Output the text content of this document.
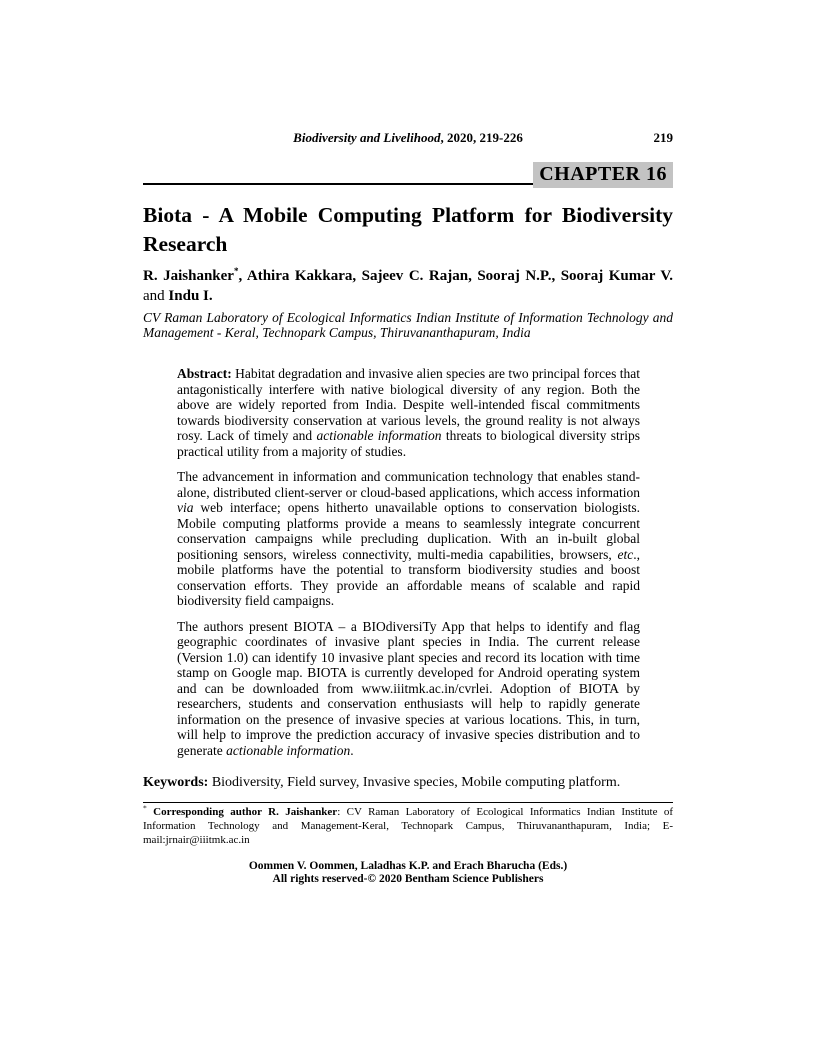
Biodiversity and Livelihood, 2020, 219-226	219
CHAPTER 16
Biota - A Mobile Computing Platform for Biodiversity Research

R. Jaishanker*, Athira Kakkara, Sajeev C. Rajan, Sooraj N.P., Sooraj Kumar V. and Indu I.

CV Raman Laboratory of Ecological Informatics Indian Institute of Information Technology and Management - Keral, Technopark Campus, Thiruvananthapuram, India

Abstract: Habitat degradation and invasive alien species are two principal forces that antagonistically interfere with native biological diversity of any region. Both the above are widely reported from India. Despite well-intended fiscal commitments towards biodiversity conservation at various levels, the ground reality is not always rosy. Lack of timely and actionable information threats to biological diversity strips practical utility from a majority of studies.

The advancement in information and communication technology that enables stand-alone, distributed client-server or cloud-based applications, which access information via web interface; opens hitherto unavailable options to conservation biologists. Mobile computing platforms provide a means to seamlessly integrate concurrent conservation campaigns while precluding duplication. With an in-built global positioning sensors, wireless connectivity, multi-media capabilities, browsers, etc., mobile platforms have the potential to transform biodiversity studies and boost conservation efforts. They provide an affordable means of scalable and rapid biodiversity field campaigns.

The authors present BIOTA – a BIOdiversiTy App that helps to identify and flag geographic coordinates of invasive plant species in India. The current release (Version 1.0) can identify 10 invasive plant species and record its location with time stamp on Google map. BIOTA is currently developed for Android operating system and can be downloaded from www.iiitmk.ac.in/cvrlei. Adoption of BIOTA by researchers, students and conservation enthusiasts will help to rapidly generate information on the presence of invasive species at various locations. This, in turn, will help to improve the prediction accuracy of invasive species distribution and to generate actionable information.

Keywords: Biodiversity, Field survey, Invasive species, Mobile computing platform.

* Corresponding author R. Jaishanker: CV Raman Laboratory of Ecological Informatics Indian Institute of Information Technology and Management-Keral, Technopark Campus, Thiruvananthapuram, India; E-mail:jrnair@iiitmk.ac.in

Oommen V. Oommen, Laladhas K.P. and Erach Bharucha (Eds.)
All rights reserved-© 2020 Bentham Science Publishers
